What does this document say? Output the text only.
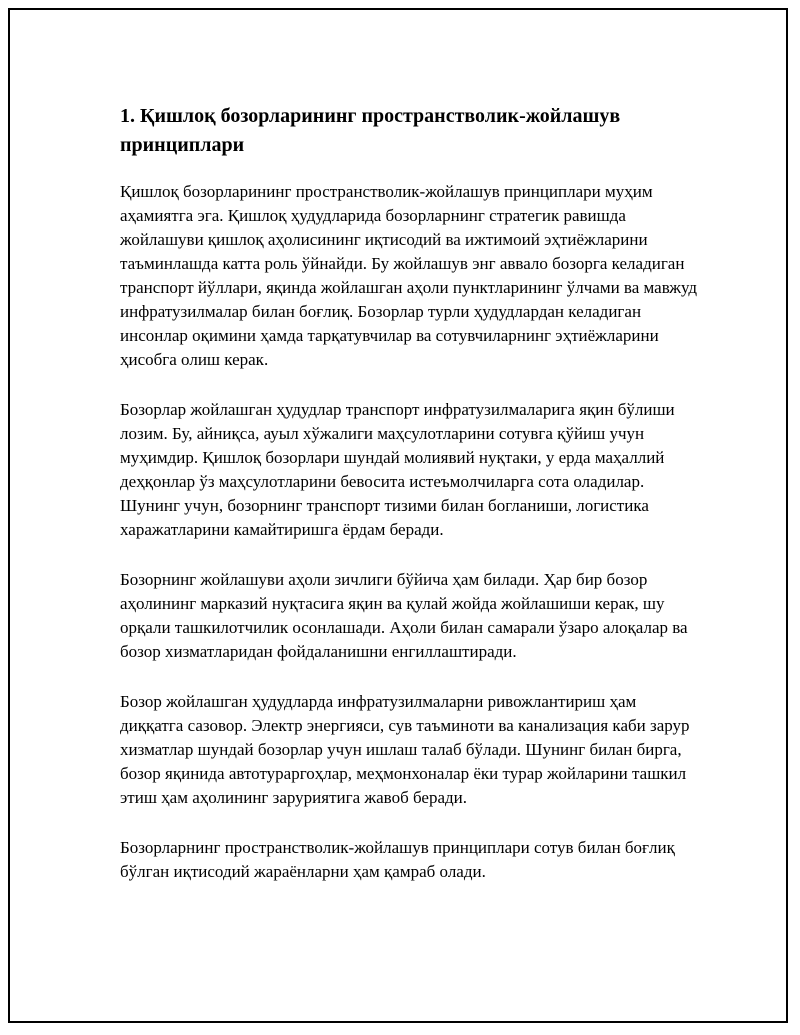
1. Қишлоқ бозорларининг пространстволик-жойлашув принциплари

Қишлоқ бозорларининг пространстволик-жойлашув принциплари муҳим аҳамиятга эга. Қишлоқ ҳудудларида бозорларнинг стратегик равишда жойлашуви қишлоқ аҳолисининг иқтисодий ва ижтимоий эҳтиёжларини таъминлашда катта роль ўйнайди. Бу жойлашув энг аввало бозорга келадиган транспорт йўллари, яқинда жойлашган аҳоли пунктларининг ўлчами ва мавжуд инфратузилмалар билан боғлиқ. Бозорлар турли ҳудудлардан келадиган инсонлар оқимини ҳамда тарқатувчилар ва сотувчиларнинг эҳтиёжларини ҳисобга олиш керак.

Бозорлар жойлашган ҳудудлар транспорт инфратузилмаларига яқин бўлиши лозим. Бу, айниқса, ауыл хўжалиги маҳсулотларини сотувга қўйиш учун муҳимдир. Қишлоқ бозорлари шундай молиявий нуқтаки, у ерда маҳаллий деҳқонлар ўз маҳсулотларини бевосита истеъмолчиларга сота оладилар. Шунинг учун, бозорнинг транспорт тизими билан богланиши, логистика харажатларини камайтиришга ёрдам беради.

Бозорнинг жойлашуви аҳоли зичлиги бўйича ҳам билади. Ҳар бир бозор аҳолининг марказий нуқтасига яқин ва қулай жойда жойлашиши керак, шу орқали ташкилотчилик осонлашади. Аҳоли билан самарали ўзаро алоқалар ва бозор хизматларидан фойдаланишни енгиллаштиради.

Бозор жойлашган ҳудудларда инфратузилмаларни ривожлантириш ҳам диққатга сазовор. Электр энергияси, сув таъминоти ва канализация каби зарур хизматлар шундай бозорлар учун ишлаш талаб бўлади. Шунинг билан бирга, бозор яқинида автотураргоҳлар, меҳмонхоналар ёки турар жойларини ташкил этиш ҳам аҳолининг заруриятига жавоб беради.

Бозорларнинг пространстволик-жойлашув принциплари сотув билан боғлиқ бўлган иқтисодий жараёнларни ҳам қамраб олади.
